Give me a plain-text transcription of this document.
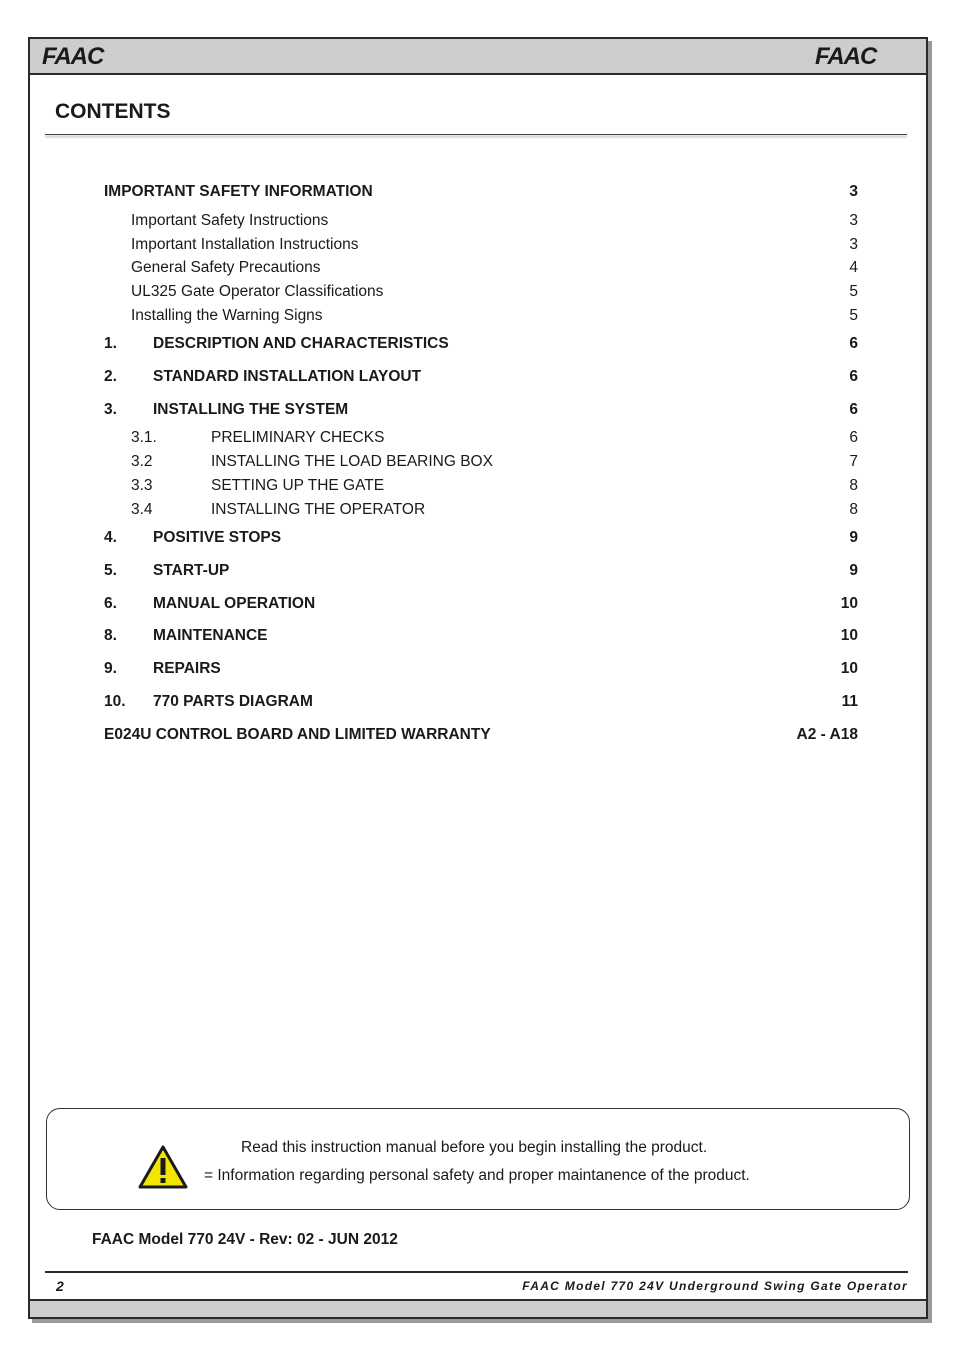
FAAC	FAAC
CONTENTS
IMPORTANT SAFETY INFORMATION	3
Important Safety Instructions	3
Important Installation Instructions	3
General Safety Precautions	4
UL325 Gate Operator Classifications	5
Installing the Warning Signs	5
1. DESCRIPTION AND CHARACTERISTICS	6
2. STANDARD INSTALLATION LAYOUT	6
3. INSTALLING THE SYSTEM	6
3.1.	PRELIMINARY CHECKS	6
3.2	INSTALLING THE LOAD BEARING BOX	7
3.3	SETTING UP THE GATE	8
3.4	INSTALLING THE OPERATOR	8
4. POSITIVE STOPS	9
5. START-UP	9
6. MANUAL OPERATION	10
8. MAINTENANCE	10
9. REPAIRS	10
10. 770 PARTS DIAGRAM	11
E024U CONTROL BOARD AND LIMITED WARRANTY	A2 - A18
Read this instruction manual before you begin installing the product.
= Information regarding personal safety and proper maintanence of the product.
FAAC Model 770 24V - Rev: 02 - JUN 2012
2	FAAC Model 770 24V Underground Swing Gate Operator
